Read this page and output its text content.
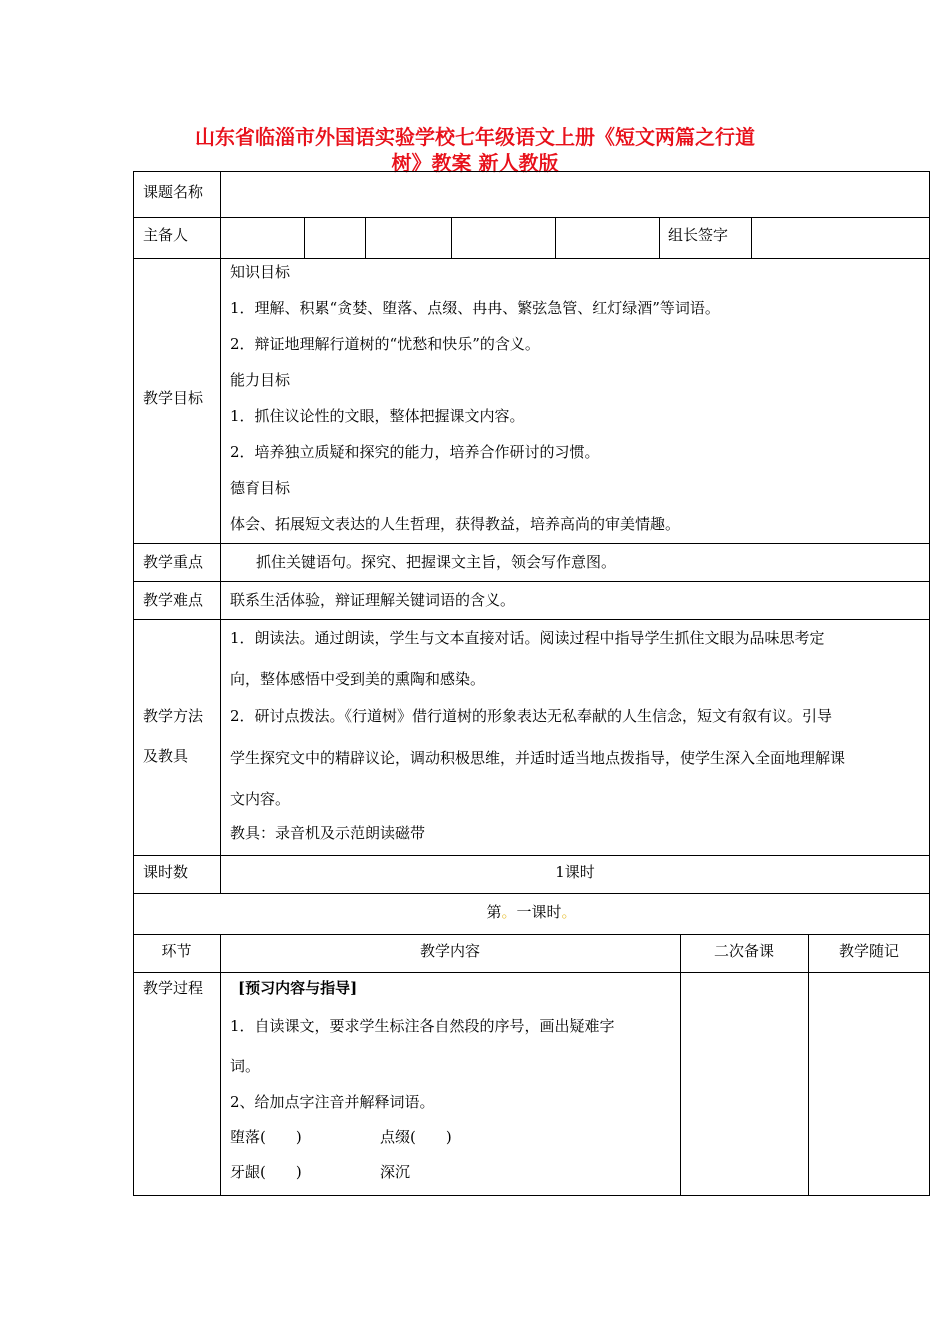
山东省临淄市外国语实验学校七年级语文上册《短文两篇之行道
树》教案 新人教版
课题名称
主备人	组长签字
教学目标
知识目标
1．理解、积累“贪婪、堕落、点缀、冉冉、繁弦急管、红灯绿酒”等词语。
2．辩证地理解行道树的“忧愁和快乐”的含义。
能力目标
1．抓住议论性的文眼，整体把握课文内容。
2．培养独立质疑和探究的能力，培养合作研讨的习惯。
德育目标
体会、拓展短文表达的人生哲理，获得教益，培养高尚的审美情趣。
教学重点	抓住关键语句。探究、把握课文主旨，领会写作意图。
教学难点 联系生活体验，辩证理解关键词语的含义。
教学方法
及教具
1．朗读法。通过朗读，学生与文本直接对话。阅读过程中指导学生抓住文眼为品味思考定
向，整体感悟中受到美的熏陶和感染。
2．研讨点拨法。《行道树》借行道树的形象表达无私奉献的人生信念，短文有叙有议。引导
学生探究文中的精辟议论，调动积极思维，并适时适当地点拨指导，使学生深入全面地理解课
文内容。
教具：录音机及示范朗读磁带
课时数	1课时
第。一课时。
环节	教学内容	二次备课	教学随记
教学过程 [预习内容与指导]
1．自读课文，要求学生标注各自然段的序号，画出疑难字
词。
2、给加点字注音并解释词语。
堕落(　　)	点缀(　　)
牙龈(　　)	深沉
